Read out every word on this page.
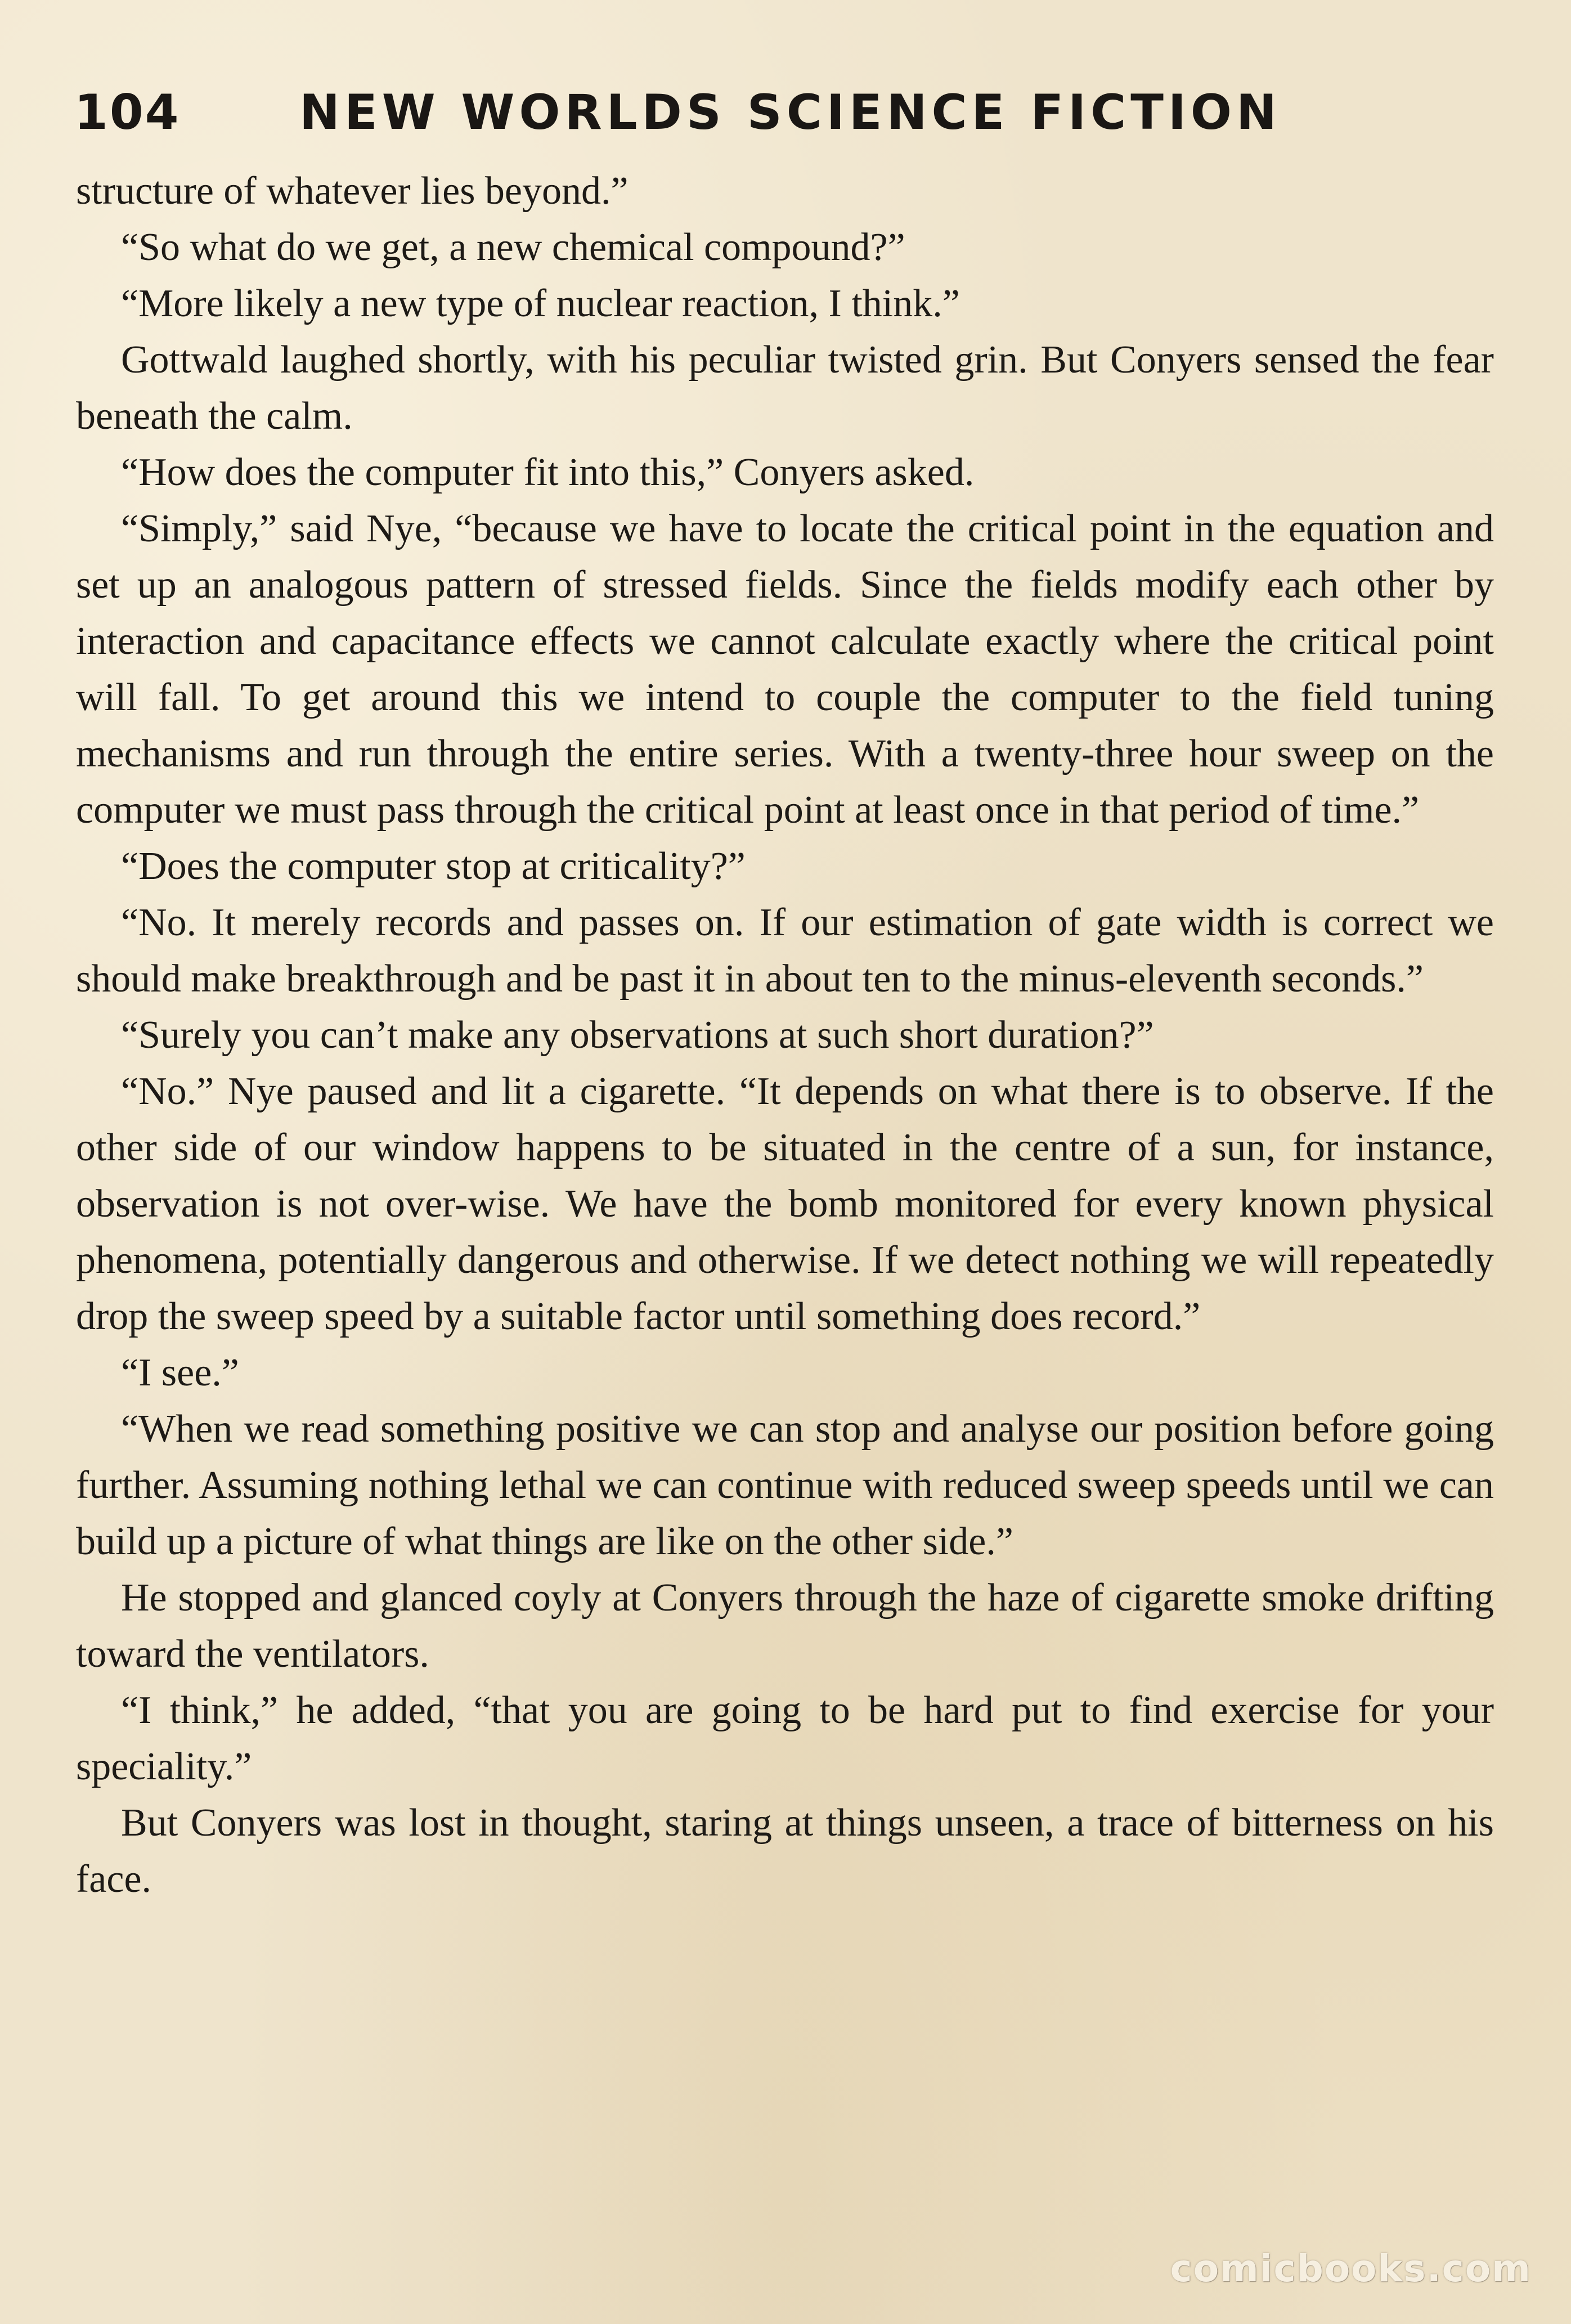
104 NEW WORLDS SCIENCE FICTION

structure of whatever lies beyond.”

“So what do we get, a new chemical compound?”

“More likely a new type of nuclear reaction, I think.”

Gottwald laughed shortly, with his peculiar twisted grin. But Conyers sensed the fear beneath the calm.

“How does the computer fit into this,” Conyers asked.

“Simply,” said Nye, “because we have to locate the critical point in the equation and set up an analogous pattern of stressed fields. Since the fields modify each other by interaction and capacitance effects we cannot calculate exactly where the critical point will fall. To get around this we intend to couple the computer to the field tuning mechanisms and run through the entire series. With a twenty-three hour sweep on the computer we must pass through the critical point at least once in that period of time.”

“Does the computer stop at criticality?”

“No. It merely records and passes on. If our estimation of gate width is correct we should make breakthrough and be past it in about ten to the minus-eleventh seconds.”

“Surely you can’t make any observations at such short duration?”

“No.” Nye paused and lit a cigarette. “It depends on what there is to observe. If the other side of our window happens to be situated in the centre of a sun, for instance, observation is not over-wise. We have the bomb monitored for every known physical phenomena, potentially dangerous and otherwise. If we detect nothing we will repeatedly drop the sweep speed by a suitable factor until something does record.”

“I see.”

“When we read something positive we can stop and analyse our position before going further. Assuming nothing lethal we can continue with reduced sweep speeds until we can build up a picture of what things are like on the other side.”

He stopped and glanced coyly at Conyers through the haze of cigarette smoke drifting toward the ventilators.

“I think,” he added, “that you are going to be hard put to find exercise for your speciality.”

But Conyers was lost in thought, staring at things unseen, a trace of bitterness on his face.

comicbooks.com
